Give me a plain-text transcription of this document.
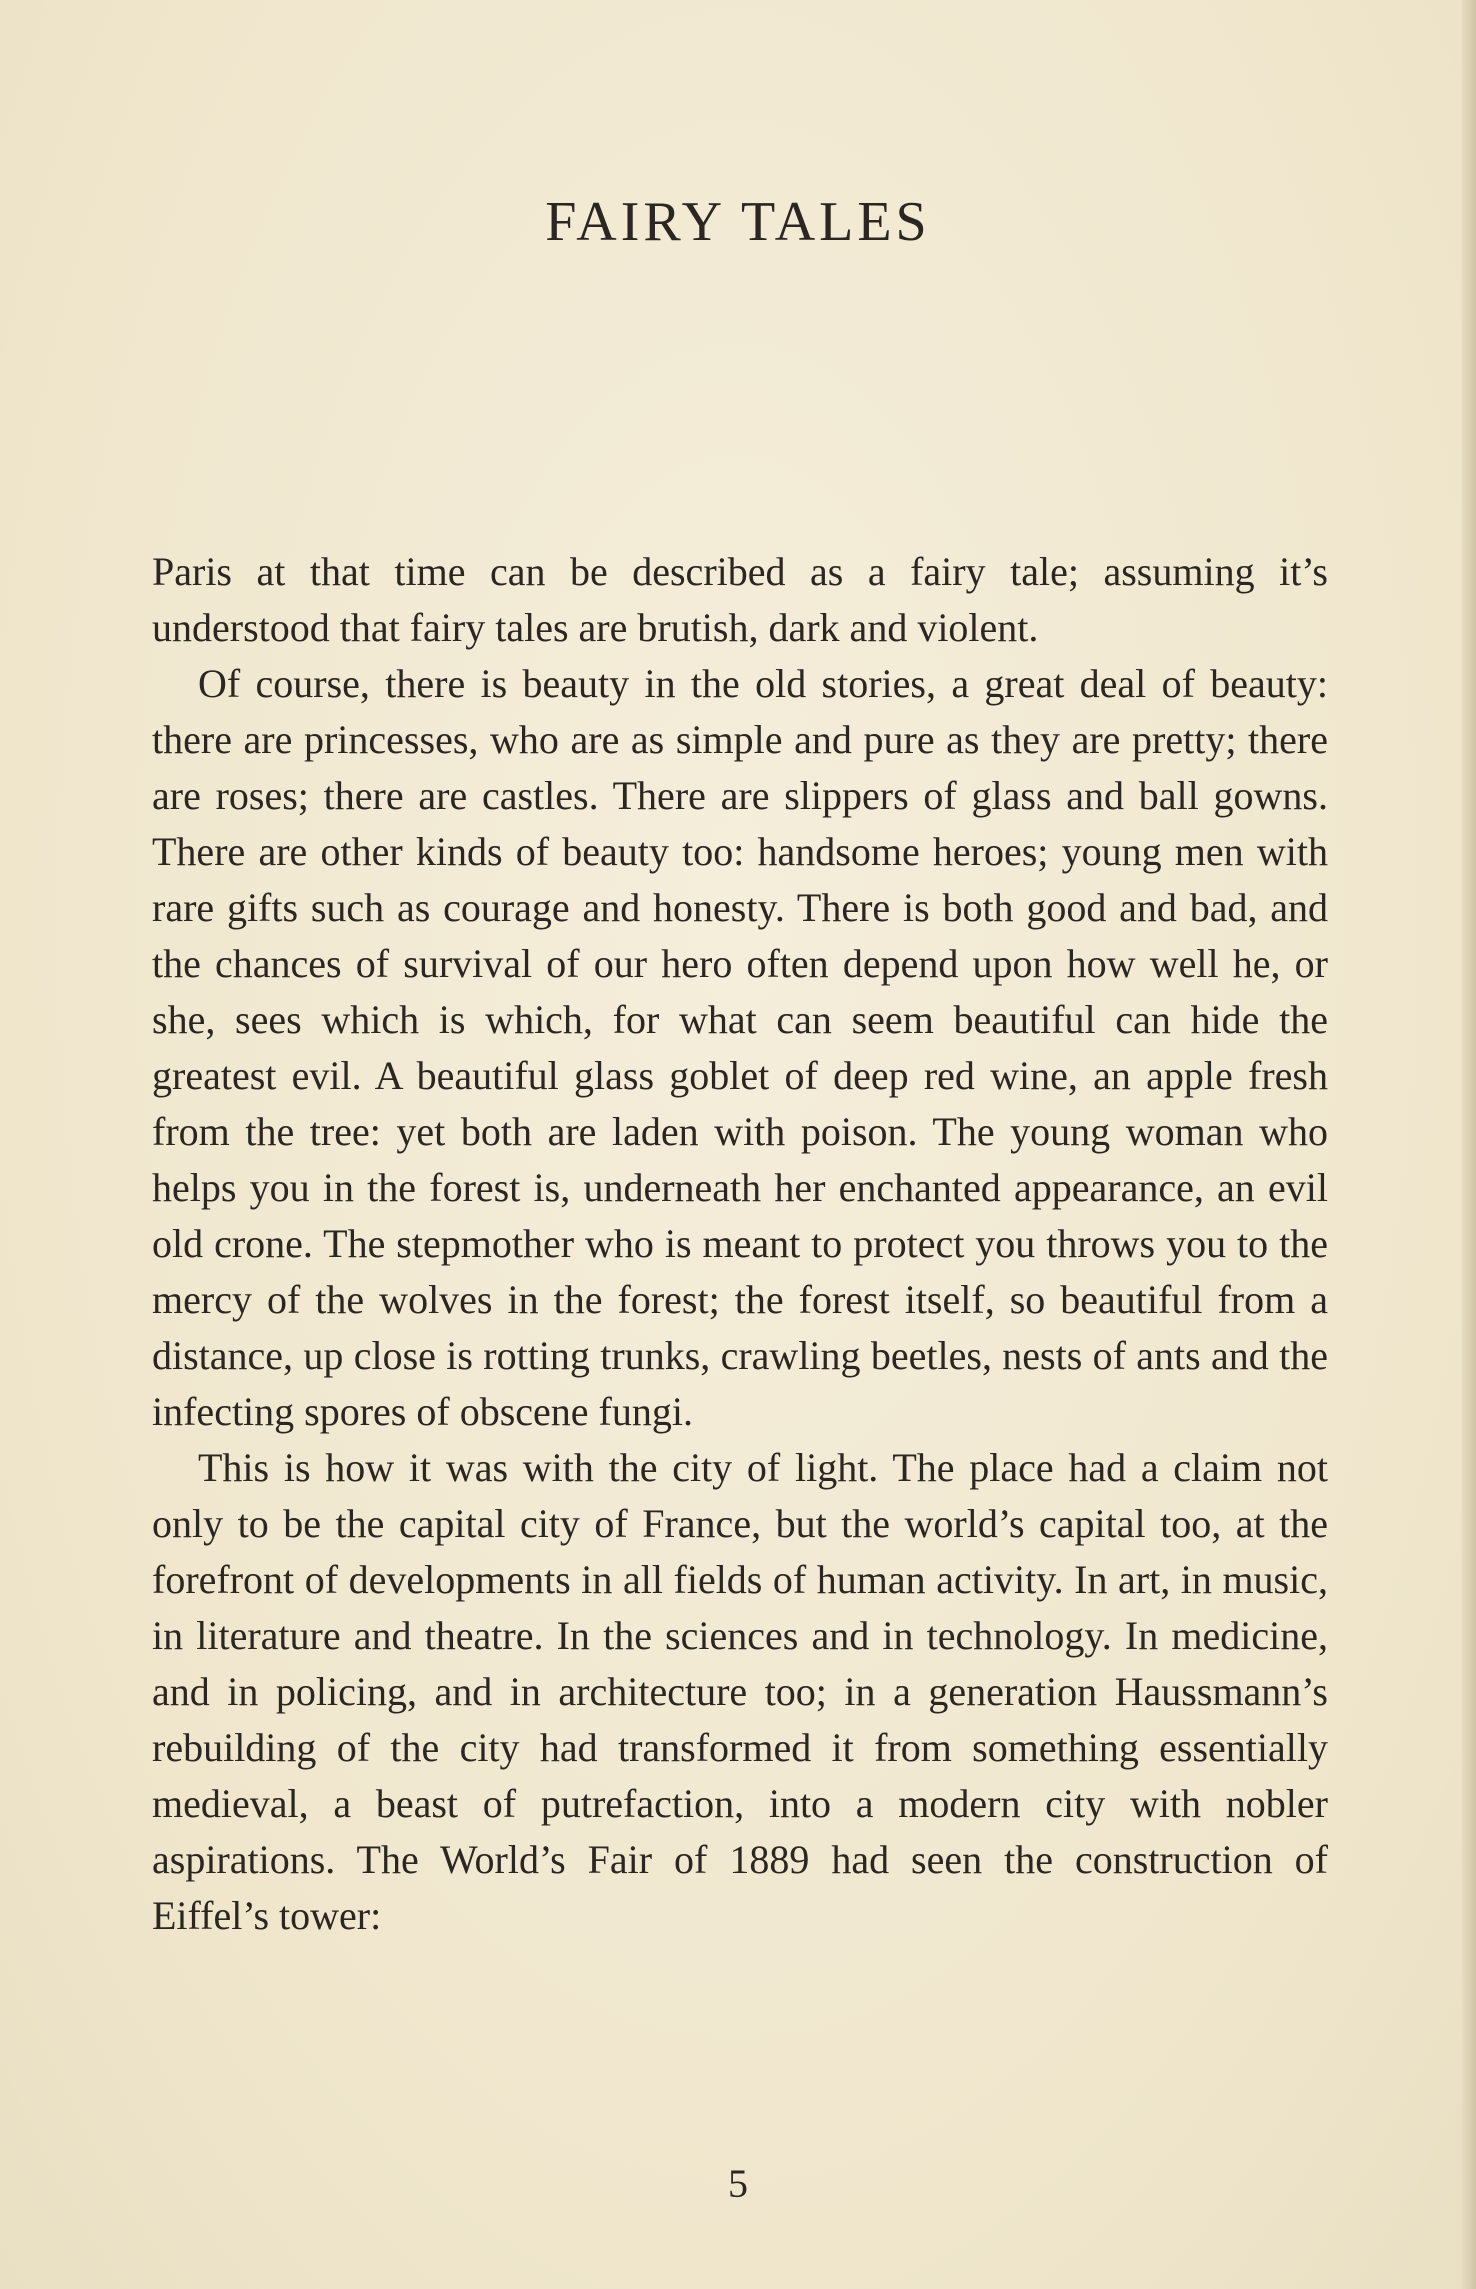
FAIRY TALES

Paris at that time can be described as a fairy tale; assuming it’s understood that fairy tales are brutish, dark and violent.

Of course, there is beauty in the old stories, a great deal of beauty: there are princesses, who are as simple and pure as they are pretty; there are roses; there are castles. There are slippers of glass and ball gowns. There are other kinds of beauty too: handsome heroes; young men with rare gifts such as courage and honesty. There is both good and bad, and the chances of survival of our hero often depend upon how well he, or she, sees which is which, for what can seem beautiful can hide the greatest evil. A beautiful glass goblet of deep red wine, an apple fresh from the tree: yet both are laden with poison. The young woman who helps you in the forest is, underneath her enchanted appearance, an evil old crone. The stepmother who is meant to protect you throws you to the mercy of the wolves in the forest; the forest itself, so beautiful from a distance, up close is rotting trunks, crawling beetles, nests of ants and the infecting spores of obscene fungi.

This is how it was with the city of light. The place had a claim not only to be the capital city of France, but the world’s capital too, at the forefront of developments in all fields of human activity. In art, in music, in literature and theatre. In the sciences and in technology. In medicine, and in policing, and in architecture too; in a generation Haussmann’s rebuilding of the city had transformed it from something essentially medieval, a beast of putrefaction, into a modern city with nobler aspirations. The World’s Fair of 1889 had seen the construction of Eiffel’s tower:

5
